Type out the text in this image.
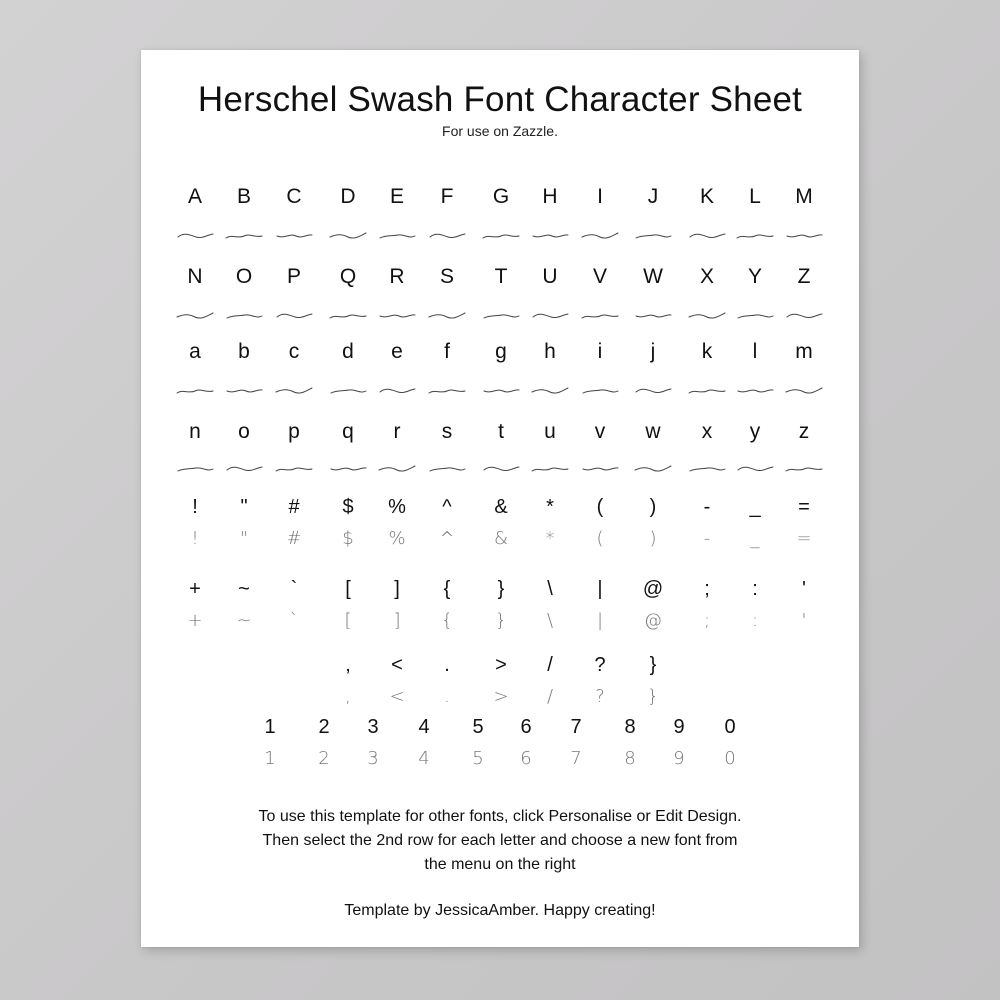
Herschel Swash Font Character Sheet
For use on Zazzle.
A	B	C	D	E	F	G	H	I	J	K	L	M
N	O	P	Q	R	S	T	U	V	W	X	Y	Z
a	b	c	d	e	f	g	h	i	j	k	l	m
n	o	p	q	r	s	t	u	v	w	x	y	z
!	"	#	$	%	^	&	*	(	)	-	_	=
!	"	#	$	%	^	&	*	(	)	-	_	=
+	~	`	[	]	{	}	\	|	@	;	:	'
+	~	`	[	]	{	}	\	|	@	;	:	'
,	<	.	>	/	?	}
,	<	.	>	/	?	}
1	2	3	4	5	6	7	8	9	0
1	2	3	4	5	6	7	8	9	0
To use this template for other fonts, click Personalise or Edit Design.
Then select the 2nd row for each letter and choose a new font from
the menu on the right
Template by JessicaAmber. Happy creating!
